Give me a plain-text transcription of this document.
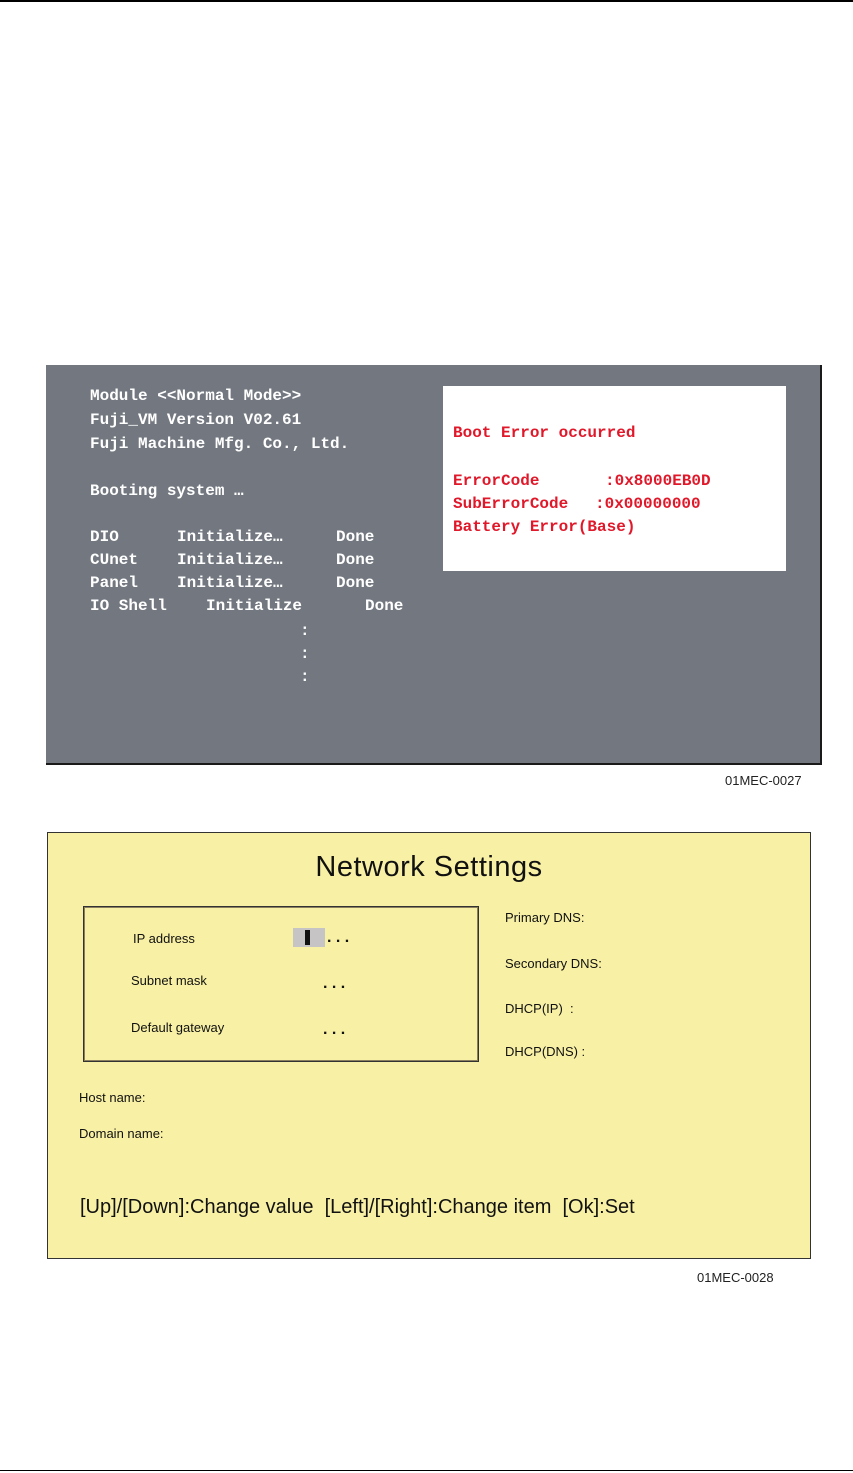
Module <<Normal Mode>>
Fuji_VM Version V02.61
Fuji Machine Mfg. Co., Ltd.
Booting system …
DIO	Initialize…	Done
CUnet Initialize…	Done
Panel Initialize…	Done
IO Shell Initialize	Done
:
:
:
Boot Error occurred
ErrorCode	:0x8000EB0D
SubErrorCode :0x00000000
Battery Error(Base)
01MEC-0027
Network Settings
IP address	. . .
Subnet mask	. . .
Default gateway	. . .
Primary DNS:
Secondary DNS:
DHCP(IP)  :
DHCP(DNS) :
Host name:
Domain name:
[Up]/[Down]:Change value  [Left]/[Right]:Change item  [Ok]:Set
01MEC-0028
